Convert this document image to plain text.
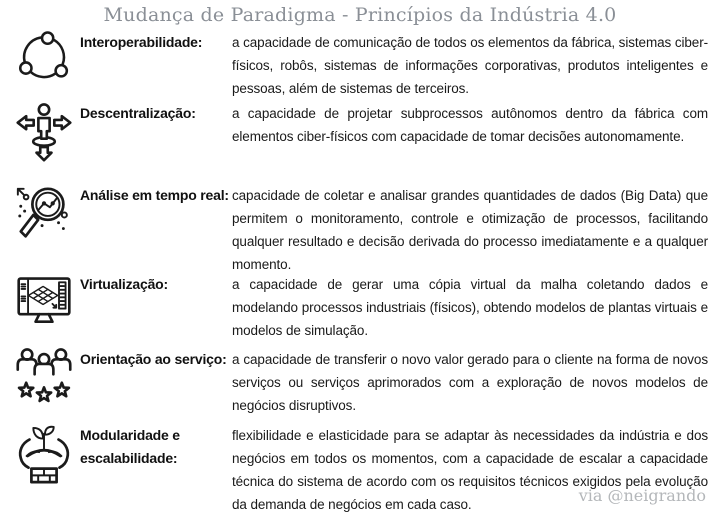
Mudança de Paradigma - Princípios da Indústria 4.0
Interoperabilidade:	a capacidade de comunicação de todos os elementos da fábrica, sistemas ciber-físicos, robôs, sistemas de informações corporativas, produtos inteligentes e pessoas, além de sistemas de terceiros.
Descentralização:	a capacidade de projetar subprocessos autônomos dentro da fábrica com elementos ciber-físicos com capacidade de tomar decisões autonomamente.
Análise em tempo real: capacidade de coletar e analisar grandes quantidades de dados (Big Data) que permitem o monitoramento, controle e otimização de processos, facilitando qualquer resultado e decisão derivada do processo imediatamente e a qualquer momento.
Virtualização:	a capacidade de gerar uma cópia virtual da malha coletando dados e modelando processos industriais (físicos), obtendo modelos de plantas virtuais e modelos de simulação.
Orientação ao serviço: a capacidade de transferir o novo valor gerado para o cliente na forma de novos serviços ou serviços aprimorados com a exploração de novos modelos de negócios disruptivos.
Modularidade e escalabilidade:
flexibilidade e elasticidade para se adaptar às necessidades da indústria e dos negócios em todos os momentos, com a capacidade de escalar a capacidade técnica do sistema de acordo com os requisitos técnicos exigidos pela evolução da demanda de negócios em cada caso.	via @neigrando
